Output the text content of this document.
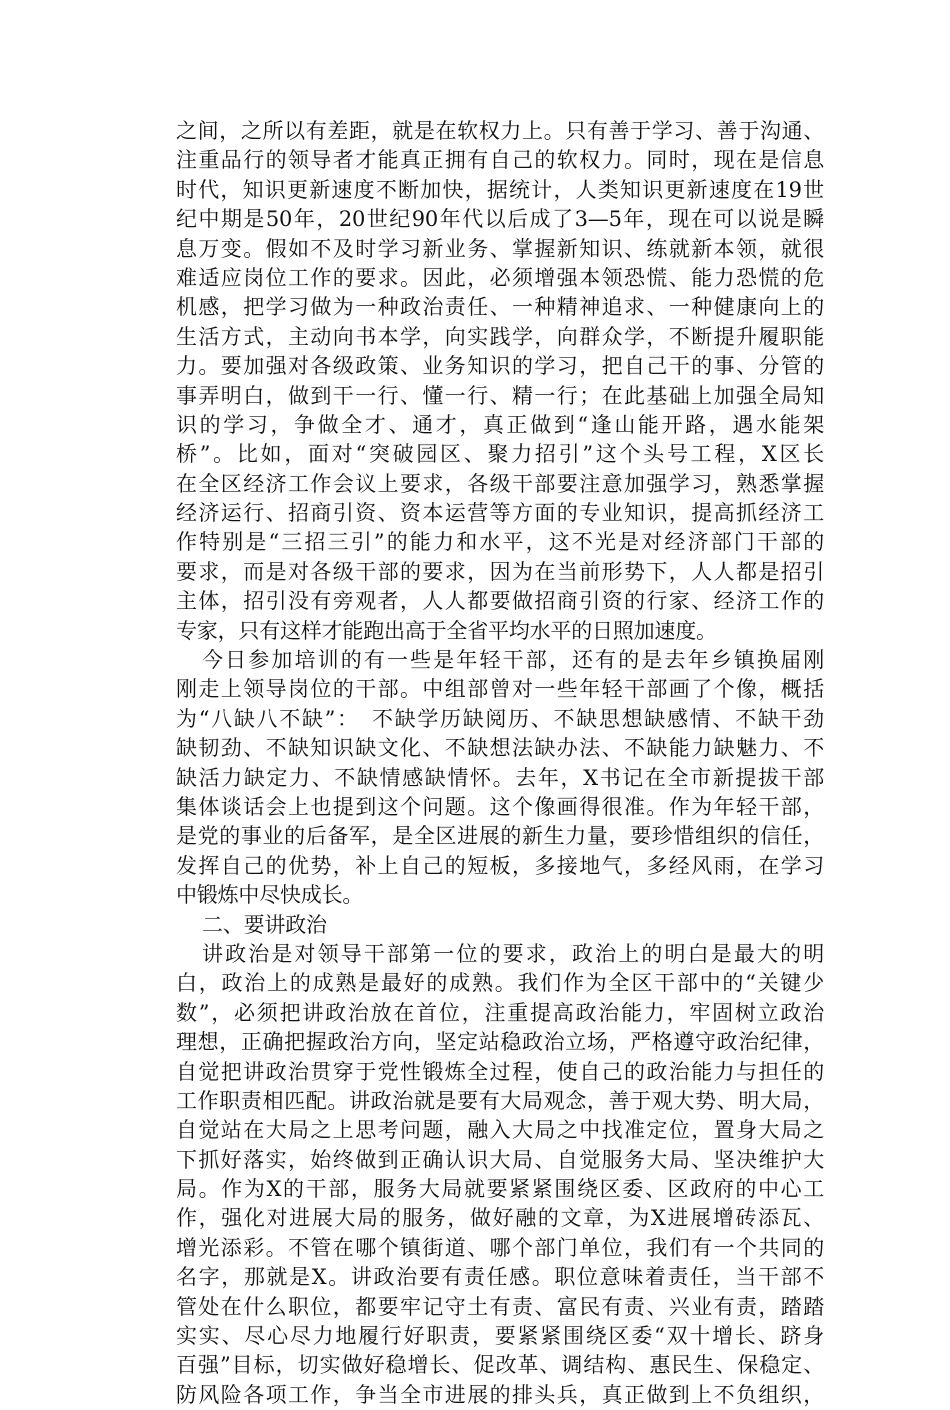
之间，之所以有差距，就是在软权力上。只有善于学习、善于沟通、
注重品行的领导者才能真正拥有自己的软权力。同时，现在是信息
时代，知识更新速度不断加快，据统计，人类知识更新速度在19世
纪中期是50年，20世纪90年代以后成了3—5年，现在可以说是瞬
息万变。假如不及时学习新业务、掌握新知识、练就新本领，就很
难适应岗位工作的要求。因此，必须增强本领恐慌、能力恐慌的危
机感，把学习做为一种政治责任、一种精神追求、一种健康向上的
生活方式，主动向书本学，向实践学，向群众学，不断提升履职能
力。要加强对各级政策、业务知识的学习，把自己干的事、分管的
事弄明白，做到干一行、懂一行、精一行；在此基础上加强全局知
识的学习，争做全才、通才，真正做到“逢山能开路，遇水能架
桥”。比如，面对“突破园区、聚力招引”这个头号工程，X区长
在全区经济工作会议上要求，各级干部要注意加强学习，熟悉掌握
经济运行、招商引资、资本运营等方面的专业知识，提高抓经济工
作特别是“三招三引”的能力和水平，这不光是对经济部门干部的
要求，而是对各级干部的要求，因为在当前形势下，人人都是招引
主体，招引没有旁观者，人人都要做招商引资的行家、经济工作的
专家，只有这样才能跑出高于全省平均水平的日照加速度。
今日参加培训的有一些是年轻干部，还有的是去年乡镇换届刚
刚走上领导岗位的干部。中组部曾对一些年轻干部画了个像，概括
为“八缺八不缺”：　不缺学历缺阅历、不缺思想缺感情、不缺干劲
缺韧劲、不缺知识缺文化、不缺想法缺办法、不缺能力缺魅力、不
缺活力缺定力、不缺情感缺情怀。去年，X书记在全市新提拔干部
集体谈话会上也提到这个问题。这个像画得很准。作为年轻干部，
是党的事业的后备军，是全区进展的新生力量，要珍惜组织的信任，
发挥自己的优势，补上自己的短板，多接地气，多经风雨，在学习
中锻炼中尽快成长。
二、要讲政治
讲政治是对领导干部第一位的要求，政治上的明白是最大的明
白，政治上的成熟是最好的成熟。我们作为全区干部中的“关键少
数”，必须把讲政治放在首位，注重提高政治能力，牢固树立政治
理想，正确把握政治方向，坚定站稳政治立场，严格遵守政治纪律，
自觉把讲政治贯穿于党性锻炼全过程，使自己的政治能力与担任的
工作职责相匹配。讲政治就是要有大局观念，善于观大势、明大局，
自觉站在大局之上思考问题，融入大局之中找准定位，置身大局之
下抓好落实，始终做到正确认识大局、自觉服务大局、坚决维护大
局。作为X的干部，服务大局就要紧紧围绕区委、区政府的中心工
作，强化对进展大局的服务，做好融的文章，为X进展增砖添瓦、
增光添彩。不管在哪个镇街道、哪个部门单位，我们有一个共同的
名字，那就是X。讲政治要有责任感。职位意味着责任，当干部不
管处在什么职位，都要牢记守土有责、富民有责、兴业有责，踏踏
实实、尽心尽力地履行好职责，要紧紧围绕区委“双十增长、跻身
百强”目标，切实做好稳增长、促改革、调结构、惠民生、保稳定、
防风险各项工作，争当全市进展的排头兵，真正做到上不负组织，
